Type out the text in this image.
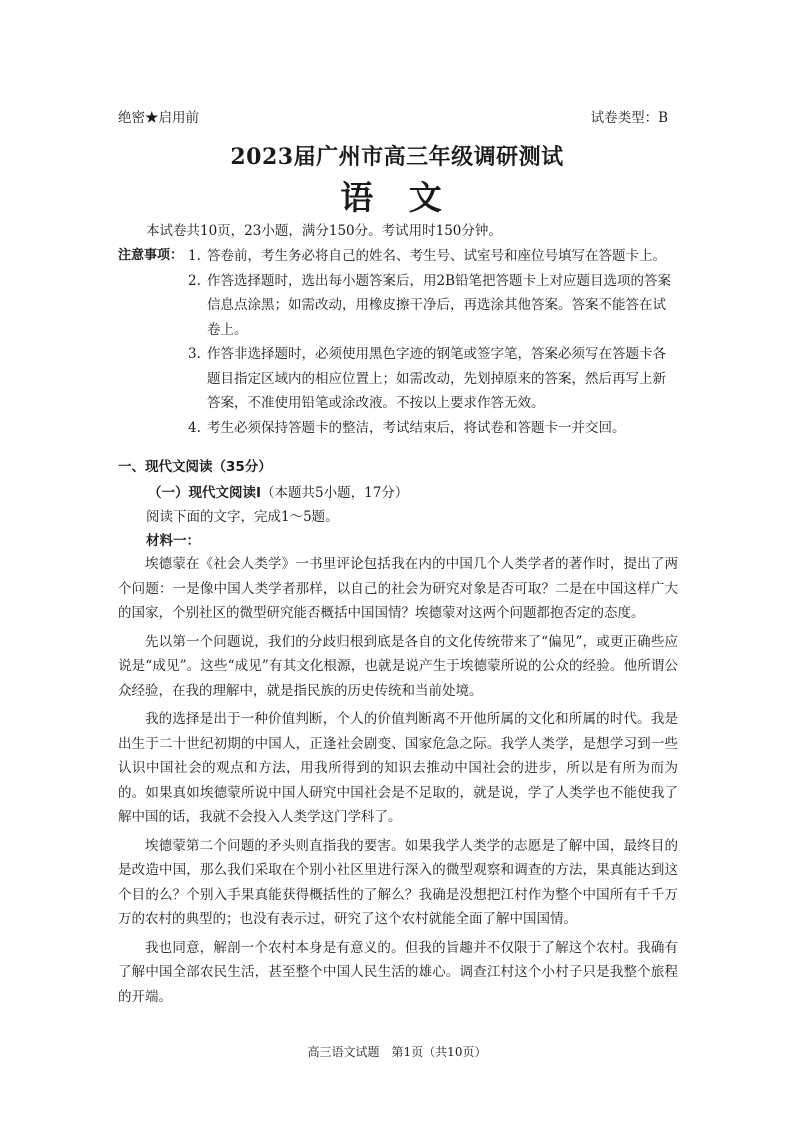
绝密★启用前	试卷类型：B
2023届广州市高三年级调研测试
语 文
本试卷共10页，23小题，满分150分。考试用时150分钟。
注意事项： 1. 答卷前，考生务必将自己的姓名、考生号、试室号和座位号填写在答题卡上。
2. 作答选择题时，选出每小题答案后，用2B铅笔把答题卡上对应题目选项的答案信息点涂黑；如需改动，用橡皮擦干净后，再选涂其他答案。答案不能答在试卷上。
3. 作答非选择题时，必须使用黑色字迹的钢笔或签字笔，答案必须写在答题卡各题目指定区域内的相应位置上；如需改动，先划掉原来的答案，然后再写上新答案，不准使用铅笔或涂改液。不按以上要求作答无效。
4. 考生必须保持答题卡的整洁，考试结束后，将试卷和答题卡一并交回。
一、现代文阅读（35分）
（一）现代文阅读Ⅰ（本题共5小题，17分）
阅读下面的文字，完成1～5题。
材料一：

埃德蒙在《社会人类学》一书里评论包括我在内的中国几个人类学者的著作时，提出了两个问题：一是像中国人类学者那样，以自己的社会为研究对象是否可取？二是在中国这样广大的国家，个别社区的微型研究能否概括中国国情？埃德蒙对这两个问题都抱否定的态度。

先以第一个问题说，我们的分歧归根到底是各自的文化传统带来了“偏见”，或更正确些应说是“成见”。这些“成见”有其文化根源，也就是说产生于埃德蒙所说的公众的经验。他所谓公众经验，在我的理解中，就是指民族的历史传统和当前处境。

我的选择是出于一种价值判断，个人的价值判断离不开他所属的文化和所属的时代。我是出生于二十世纪初期的中国人，正逢社会剧变、国家危急之际。我学人类学，是想学习到一些认识中国社会的观点和方法，用我所得到的知识去推动中国社会的进步，所以是有所为而为的。如果真如埃德蒙所说中国人研究中国社会是不足取的，就是说，学了人类学也不能使我了解中国的话，我就不会投入人类学这门学科了。

埃德蒙第二个问题的矛头则直指我的要害。如果我学人类学的志愿是了解中国，最终目的是改造中国，那么我们采取在个别小社区里进行深入的微型观察和调查的方法，果真能达到这个目的么？个别入手果真能获得概括性的了解么？我确是没想把江村作为整个中国所有千千万万的农村的典型的；也没有表示过，研究了这个农村就能全面了解中国国情。

我也同意，解剖一个农村本身是有意义的。但我的旨趣并不仅限于了解这个农村。我确有了解中国全部农民生活，甚至整个中国人民生活的雄心。调查江村这个小村子只是我整个旅程的开端。

高三语文试题　第1页（共10页）
